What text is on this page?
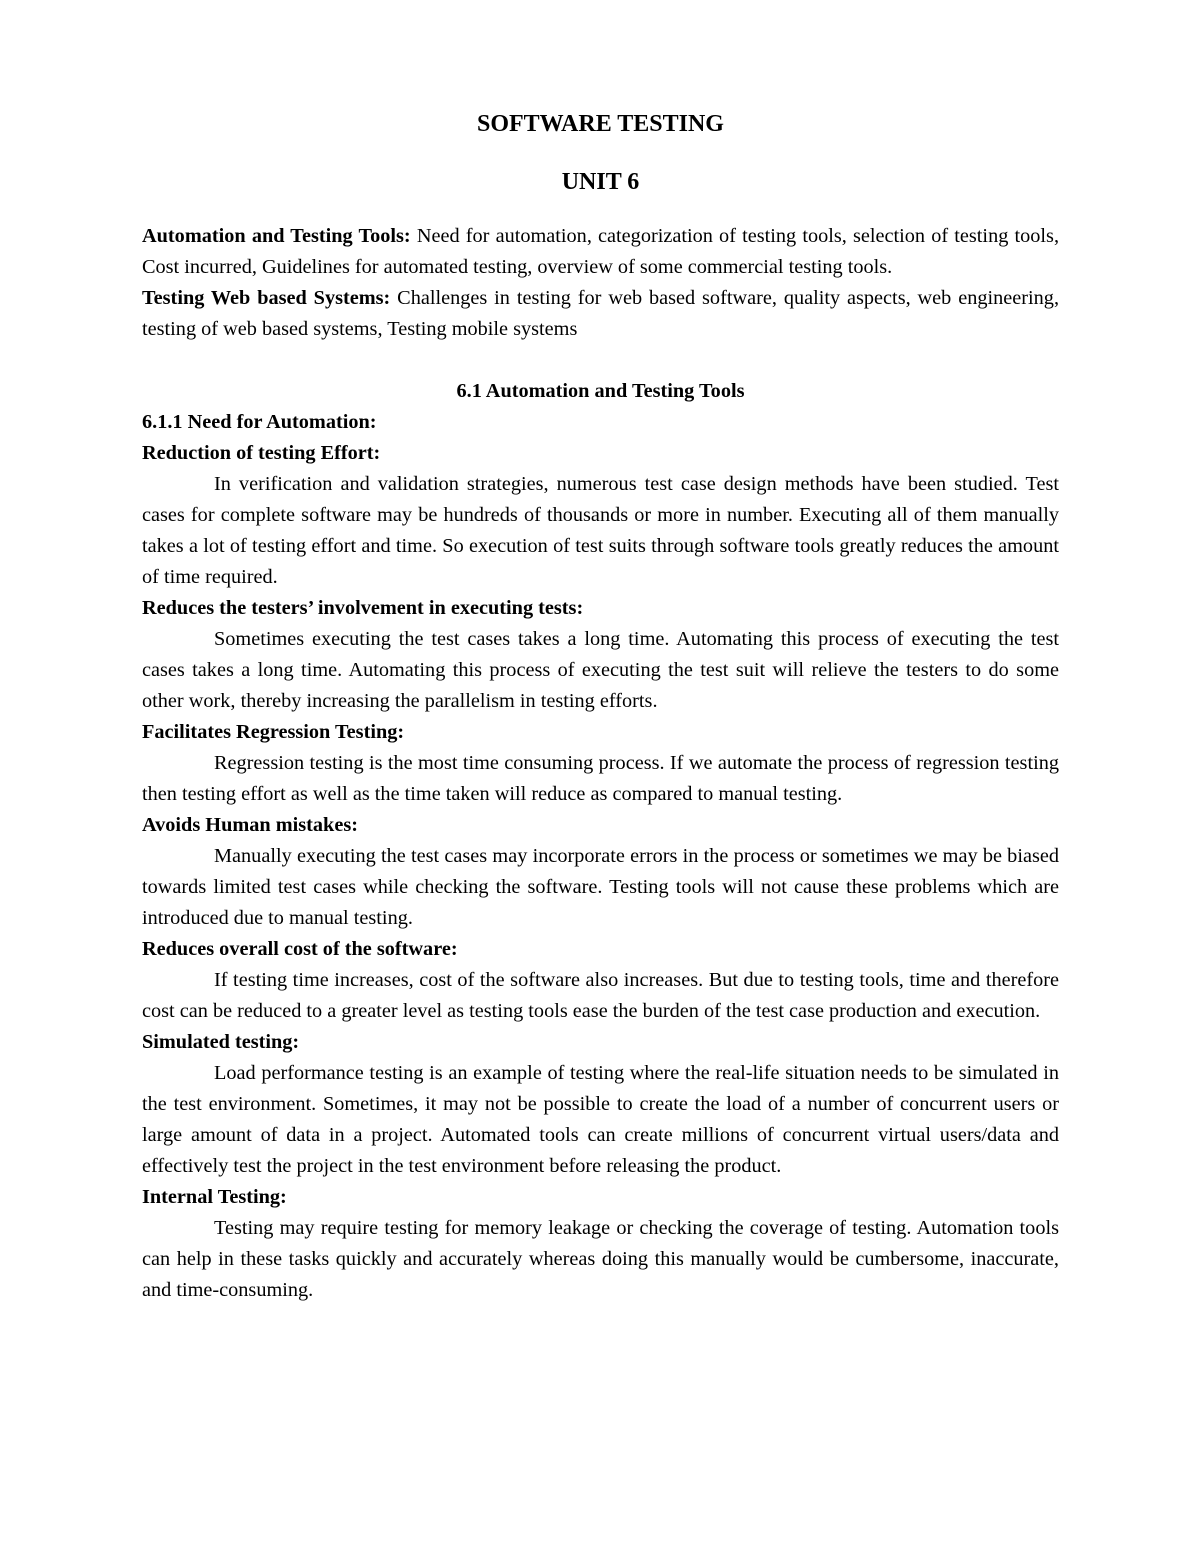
SOFTWARE TESTING
UNIT 6

Automation and Testing Tools: Need for automation, categorization of testing tools, selection of testing tools, Cost incurred, Guidelines for automated testing, overview of some commercial testing tools.

Testing Web based Systems: Challenges in testing for web based software, quality aspects, web engineering, testing of web based systems, Testing mobile systems

6.1 Automation and Testing Tools
6.1.1 Need for Automation:
Reduction of testing Effort:

In verification and validation strategies, numerous test case design methods have been studied. Test cases for complete software may be hundreds of thousands or more in number. Executing all of them manually takes a lot of testing effort and time. So execution of test suits through software tools greatly reduces the amount of time required.

Reduces the testers’ involvement in executing tests:

Sometimes executing the test cases takes a long time. Automating this process of executing the test cases takes a long time. Automating this process of executing the test suit will relieve the testers to do some other work, thereby increasing the parallelism in testing efforts.

Facilitates Regression Testing:

Regression testing is the most time consuming process. If we automate the process of regression testing then testing effort as well as the time taken will reduce as compared to manual testing.

Avoids Human mistakes:

Manually executing the test cases may incorporate errors in the process or sometimes we may be biased towards limited test cases while checking the software. Testing tools will not cause these problems which are introduced due to manual testing.

Reduces overall cost of the software:

If testing time increases, cost of the software also increases. But due to testing tools, time and therefore cost can be reduced to a greater level as testing tools ease the burden of the test case production and execution.

Simulated testing:

Load performance testing is an example of testing where the real-life situation needs to be simulated in the test environment. Sometimes, it may not be possible to create the load of a number of concurrent users or large amount of data in a project. Automated tools can create millions of concurrent virtual users/data and effectively test the project in the test environment before releasing the product.

Internal Testing:

Testing may require testing for memory leakage or checking the coverage of testing. Automation tools can help in these tasks quickly and accurately whereas doing this manually would be cumbersome, inaccurate, and time-consuming.
